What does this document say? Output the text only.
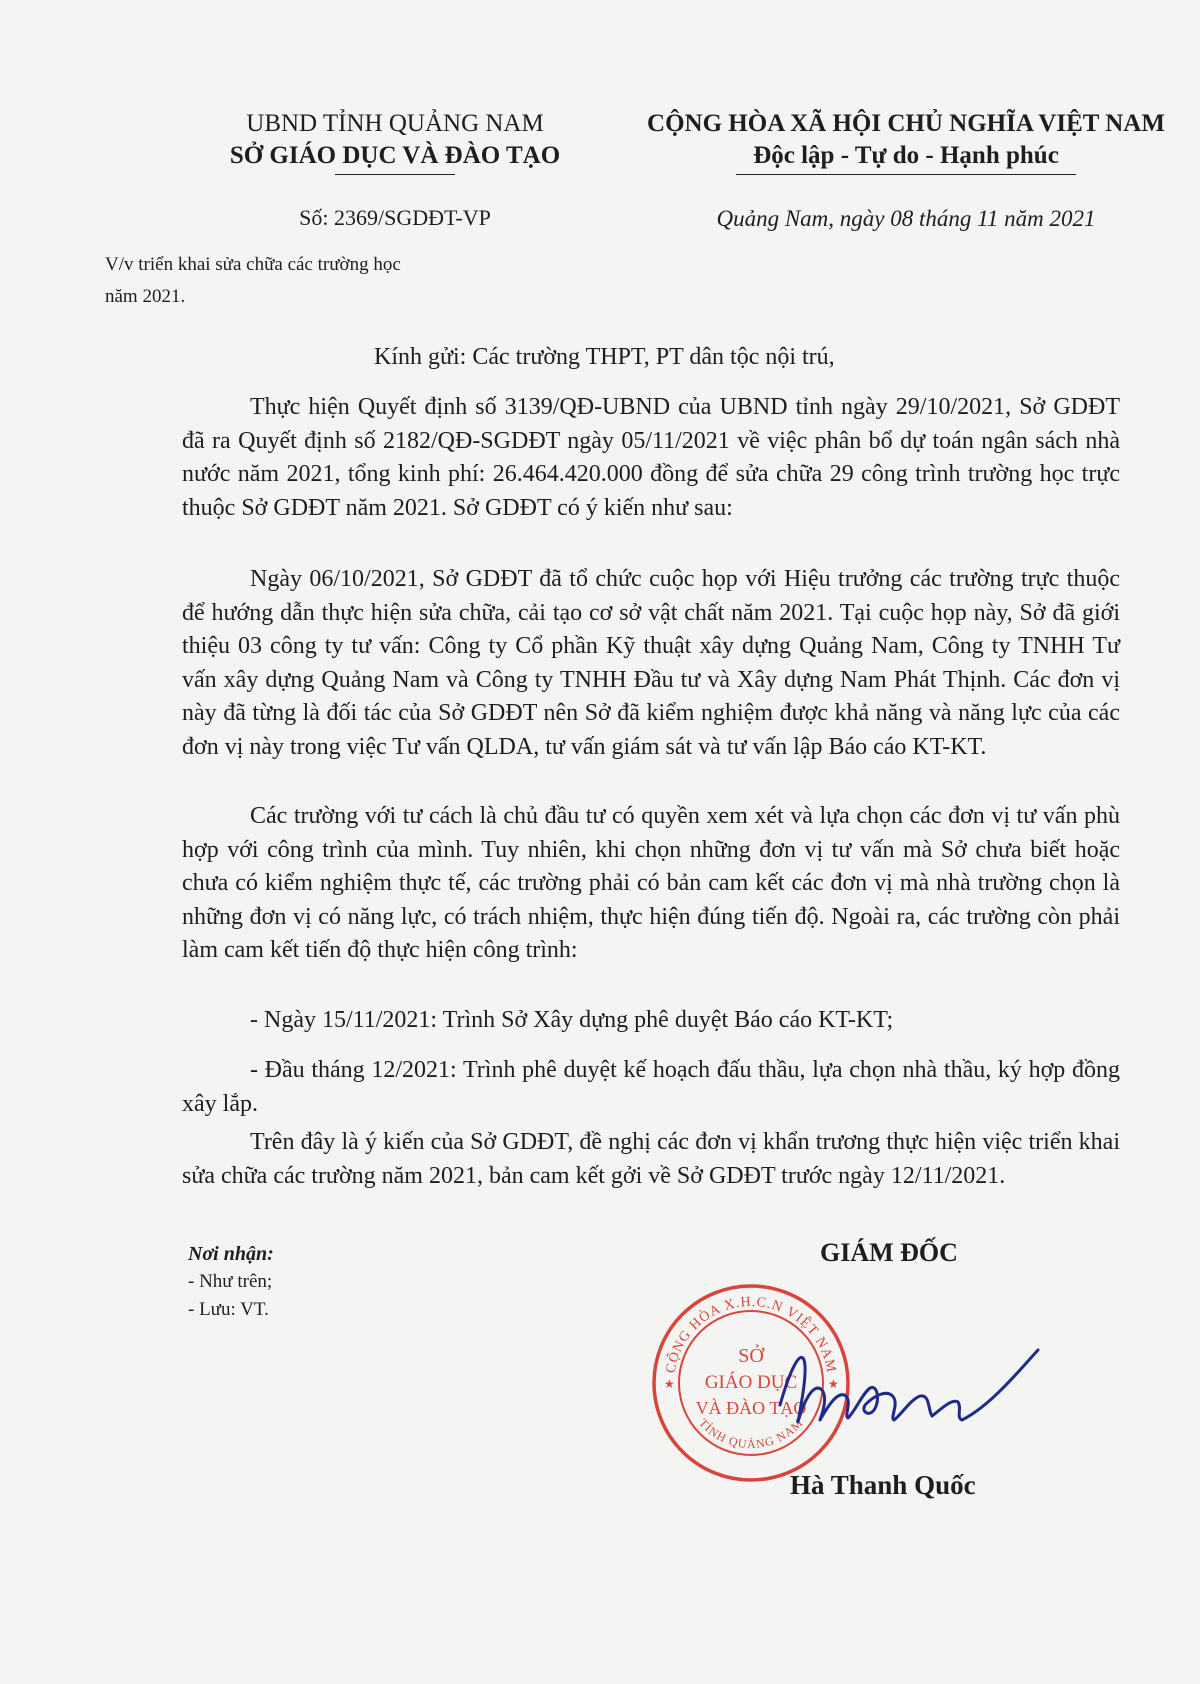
UBND TỈNH QUẢNG NAM
SỞ GIÁO DỤC VÀ ĐÀO TẠO
Số: 2369/SGDĐT-VP
V/v triển khai sửa chữa các trường học
năm 2021.
CỘNG HÒA XÃ HỘI CHỦ NGHĨA VIỆT NAM
Độc lập - Tự do - Hạnh phúc
Quảng Nam, ngày 08 tháng 11 năm 2021
Kính gửi: Các trường THPT, PT dân tộc nội trú,

Thực hiện Quyết định số 3139/QĐ-UBND của UBND tỉnh ngày 29/10/2021, Sở GDĐT đã ra Quyết định số 2182/QĐ-SGDĐT ngày 05/11/2021 về việc phân bổ dự toán ngân sách nhà nước năm 2021, tổng kinh phí: 26.464.420.000 đồng để sửa chữa 29 công trình trường học trực thuộc Sở GDĐT năm 2021. Sở GDĐT có ý kiến như sau:

Ngày 06/10/2021, Sở GDĐT đã tổ chức cuộc họp với Hiệu trưởng các trường trực thuộc để hướng dẫn thực hiện sửa chữa, cải tạo cơ sở vật chất năm 2021. Tại cuộc họp này, Sở đã giới thiệu 03 công ty tư vấn: Công ty Cổ phần Kỹ thuật xây dựng Quảng Nam, Công ty TNHH Tư vấn xây dựng Quảng Nam và Công ty TNHH Đầu tư và Xây dựng Nam Phát Thịnh. Các đơn vị này đã từng là đối tác của Sở GDĐT nên Sở đã kiểm nghiệm được khả năng và năng lực của các đơn vị này trong việc Tư vấn QLDA, tư vấn giám sát và tư vấn lập Báo cáo KT-KT.

Các trường với tư cách là chủ đầu tư có quyền xem xét và lựa chọn các đơn vị tư vấn phù hợp với công trình của mình. Tuy nhiên, khi chọn những đơn vị tư vấn mà Sở chưa biết hoặc chưa có kiểm nghiệm thực tế, các trường phải có bản cam kết các đơn vị mà nhà trường chọn là những đơn vị có năng lực, có trách nhiệm, thực hiện đúng tiến độ. Ngoài ra, các trường còn phải làm cam kết tiến độ thực hiện công trình:

- Ngày 15/11/2021: Trình Sở Xây dựng phê duyệt Báo cáo KT-KT;

- Đầu tháng 12/2021: Trình phê duyệt kế hoạch đấu thầu, lựa chọn nhà thầu, ký hợp đồng xây lắp.

Trên đây là ý kiến của Sở GDĐT, đề nghị các đơn vị khẩn trương thực hiện việc triển khai sửa chữa các trường năm 2021, bản cam kết gởi về Sở GDĐT trước ngày 12/11/2021.

Nơi nhận:
- Như trên;
- Lưu: VT.
GIÁM ĐỐC
CỘNG HÒA X.H.C.N VIỆT NAM
TỈNH QUẢNG NAM
SỞ
GIÁO DỤC
VÀ ĐÀO TẠO
★	★
Hà Thanh Quốc
